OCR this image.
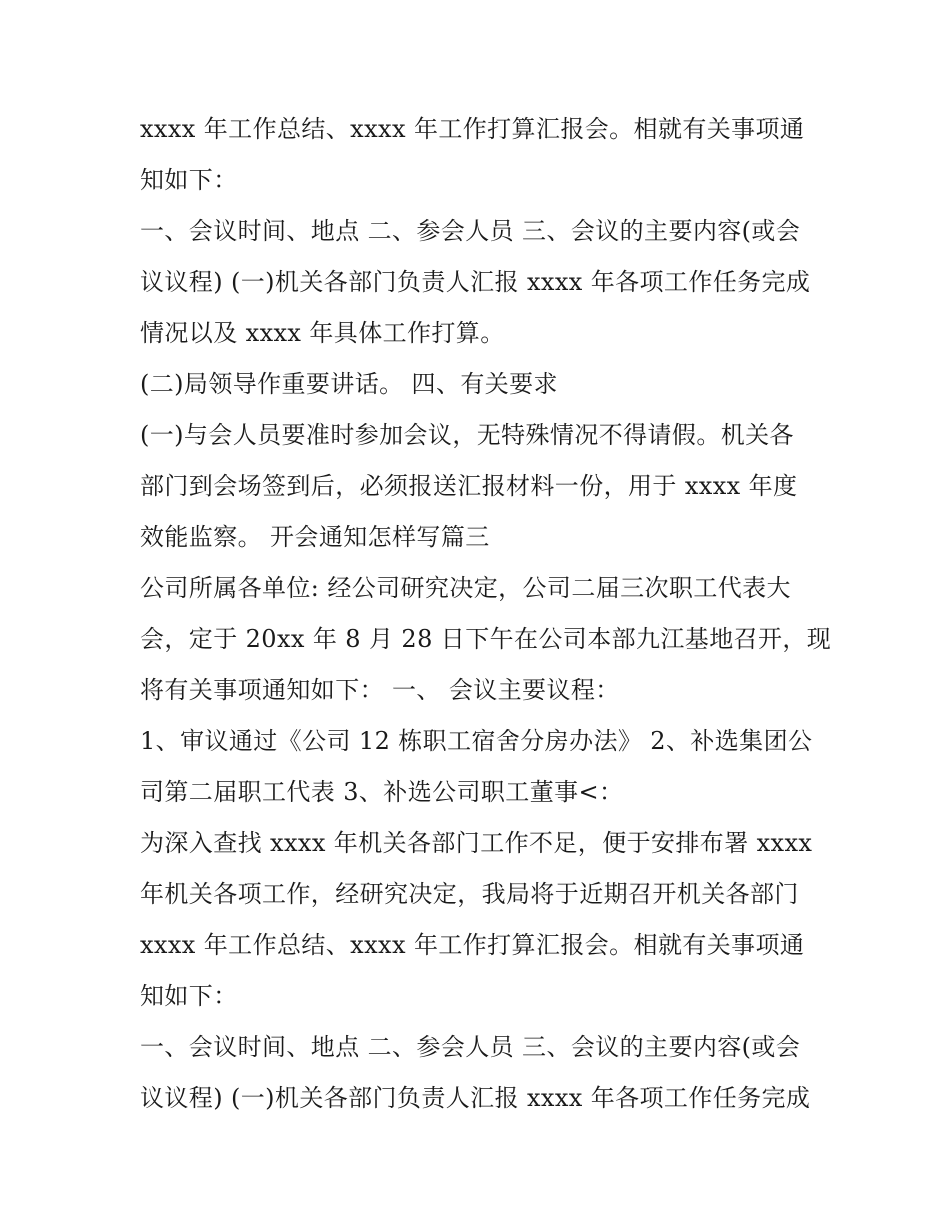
xxxx 年工作总结、xxxx 年工作打算汇报会。相就有关事项通
知如下：
一、会议时间、地点 二、参会人员 三、会议的主要内容(或会
议议程) (一)机关各部门负责人汇报 xxxx 年各项工作任务完成
情况以及 xxxx 年具体工作打算。
(二)局领导作重要讲话。 四、有关要求
(一)与会人员要准时参加会议，无特殊情况不得请假。机关各
部门到会场签到后，必须报送汇报材料一份，用于 xxxx 年度
效能监察。 开会通知怎样写篇三
公司所属各单位: 经公司研究决定，公司二届三次职工代表大
会，定于 20xx 年 8 月 28 日下午在公司本部九江基地召开，现
将有关事项通知如下： 一、 会议主要议程：
1、审议通过《公司 12 栋职工宿舍分房办法》 2、补选集团公
司第二届职工代表 3、补选公司职工董事<：
为深入查找 xxxx 年机关各部门工作不足，便于安排布署 xxxx
年机关各项工作，经研究决定，我局将于近期召开机关各部门
xxxx 年工作总结、xxxx 年工作打算汇报会。相就有关事项通
知如下：
一、会议时间、地点 二、参会人员 三、会议的主要内容(或会
议议程) (一)机关各部门负责人汇报 xxxx 年各项工作任务完成
